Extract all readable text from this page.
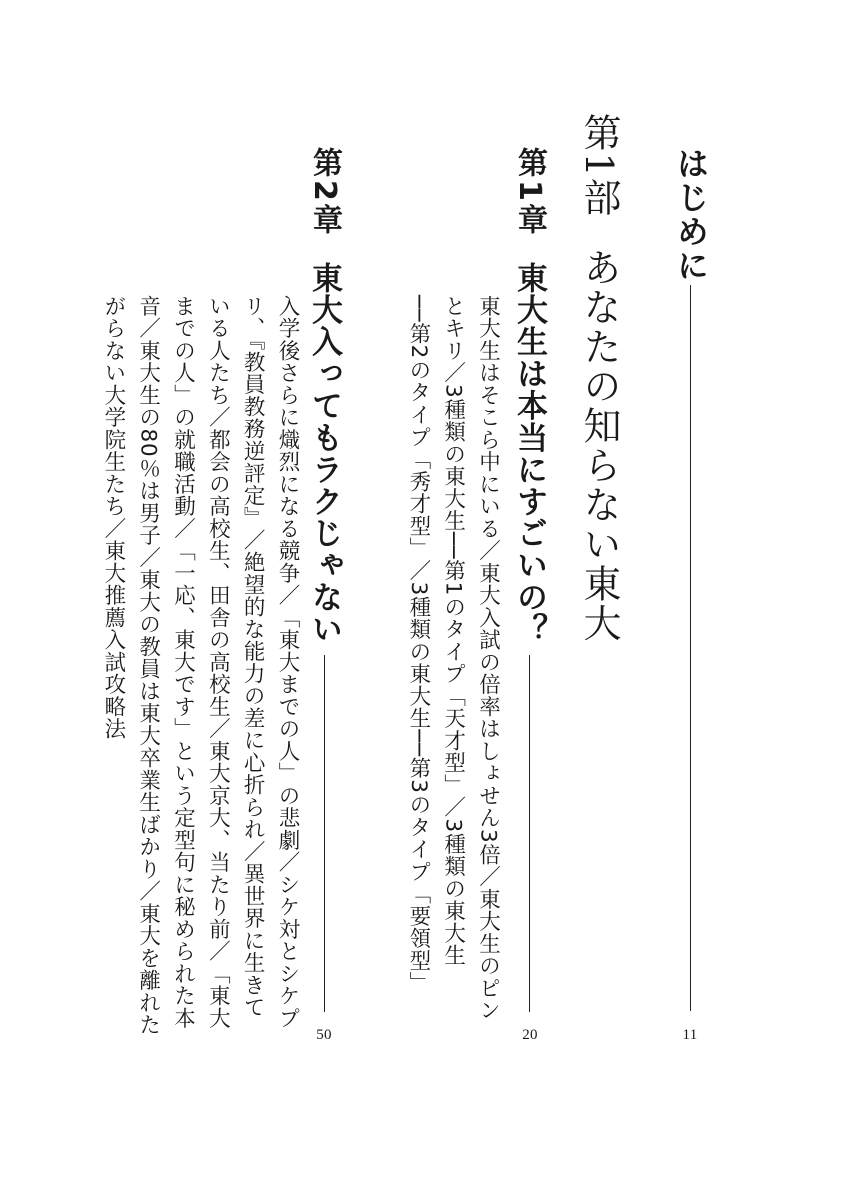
はじめに
11
第1部
あなたの知らない東大
第1章
東大生は本当にすごいの？
20
東大生はそこら中にいる／東大入試の倍率はしょせん3倍／東大生のピン
とキリ／3種類の東大生──第1のタイプ「天才型」／3種類の東大生
──第2のタイプ「秀才型」／3種類の東大生──第3のタイプ「要領型」
第2章
東大入ってもラクじゃない
50
入学後さらに熾烈になる競争／「東大までの人」の悲劇／シケ対とシケプ
リ、『教員教務逆評定』／絶望的な能力の差に心折られ／異世界に生きて
いる人たち／都会の高校生、田舎の高校生／東大京大、当たり前／「東大
までの人」の就職活動／「一応、東大です」という定型句に秘められた本
音／東大生の80％は男子／東大の教員は東大卒業生ばかり／東大を離れた
がらない大学院生たち／東大推薦入試攻略法
